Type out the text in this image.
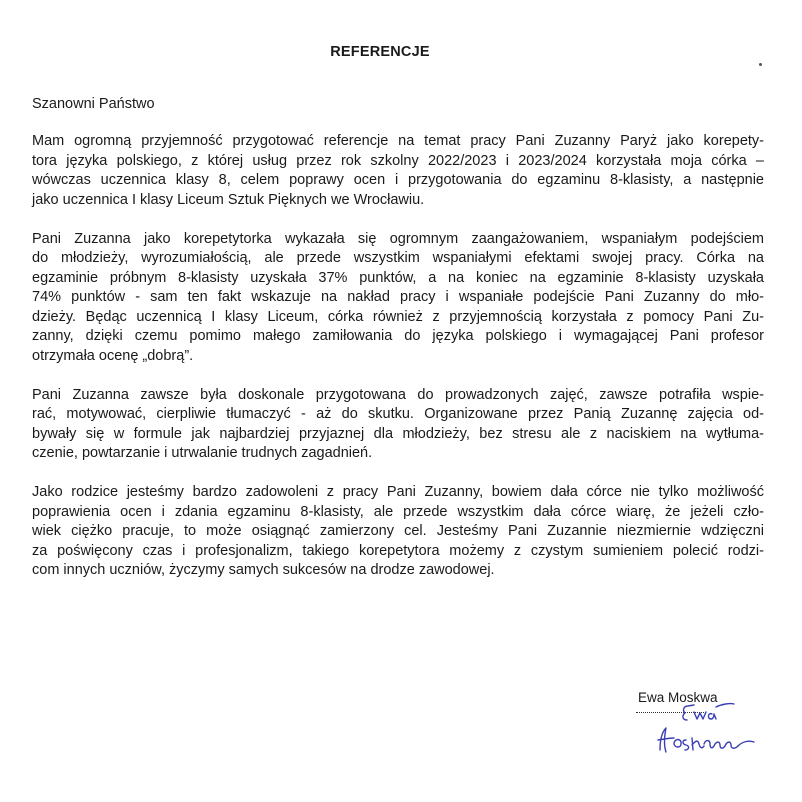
REFERENCJE
Szanowni Państwo
Mam ogromną przyjemność przygotować referencje na temat pracy Pani Zuzanny Paryż jako korepety-
tora języka polskiego, z której usług przez rok szkolny 2022/2023 i 2023/2024 korzystała moja córka –
wówczas uczennica klasy 8, celem poprawy ocen i przygotowania do egzaminu 8-klasisty, a następnie
jako uczennica I klasy Liceum Sztuk Pięknych we Wrocławiu.
Pani Zuzanna jako korepetytorka wykazała się ogromnym zaangażowaniem, wspaniałym podejściem
do młodzieży, wyrozumiałością, ale przede wszystkim wspaniałymi efektami swojej pracy. Córka na
egzaminie próbnym 8-klasisty uzyskała 37% punktów, a na koniec na egzaminie 8-klasisty uzyskała
74% punktów - sam ten fakt wskazuje na nakład pracy i wspaniałe podejście Pani Zuzanny do mło-
dzieży. Będąc uczennicą I klasy Liceum, córka również z przyjemnością korzystała z pomocy Pani Zu-
zanny, dzięki czemu pomimo małego zamiłowania do języka polskiego i wymagającej Pani profesor
otrzymała ocenę „dobrą”.
Pani Zuzanna zawsze była doskonale przygotowana do prowadzonych zajęć, zawsze potrafiła wspie-
rać, motywować, cierpliwie tłumaczyć - aż do skutku. Organizowane przez Panią Zuzannę zajęcia od-
bywały się w formule jak najbardziej przyjaznej dla młodzieży, bez stresu ale z naciskiem na wytłuma-
czenie, powtarzanie i utrwalanie trudnych zagadnień.
Jako rodzice jesteśmy bardzo zadowoleni z pracy Pani Zuzanny, bowiem dała córce nie tylko możliwość
poprawienia ocen i zdania egzaminu 8-klasisty, ale przede wszystkim dała córce wiarę, że jeżeli czło-
wiek ciężko pracuje, to może osiągnąć zamierzony cel. Jesteśmy Pani Zuzannie niezmiernie wdzięczni
za poświęcony czas i profesjonalizm, takiego korepetytora możemy z czystym sumieniem polecić rodzi-
com innych uczniów, życzymy samych sukcesów na drodze zawodowej.
Ewa Moskwa
